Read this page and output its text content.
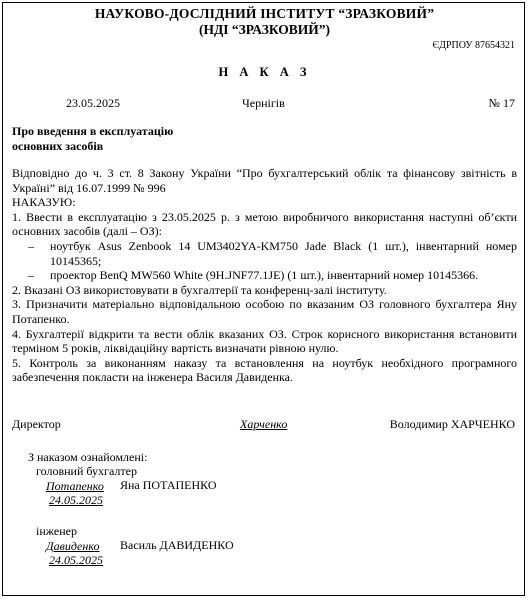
НАУКОВО-ДОСЛІДНИЙ ІНСТИТУТ “ЗРАЗКОВИЙ”
(НДІ “ЗРАЗКОВИЙ”)
ЄДРПОУ 87654321
Н А К А З
23.05.2025	Чернігів	№ 17
Про введення в експлуатацію
основних засобів

Відповідно до ч. 3 ст. 8 Закону України “Про бухгалтерський облік та фінансову звітність в Україні” від 16.07.1999 № 996

НАКАЗУЮ:

1. Ввести в експлуатацію з 23.05.2025 р. з метою виробничого використання наступні об’єкти основних засобів (далі – ОЗ):

– ноутбук Asus Zenbook 14 UM3402YA-KM750 Jade Black (1 шт.), інвентарний номер 10145365;

– проектор BenQ MW560 White (9H.JNF77.1JE) (1 шт.), інвентарний номер 10145366.

2. Вказані ОЗ використовувати в бухгалтерії та конференц-залі інституту.

3. Призначити матеріально відповідальною особою по вказаним ОЗ головного бухгалтера Яну Потапенко.

4. Бухгалтерії відкрити та вести облік вказаних ОЗ. Строк корисного використання встановити терміном 5 років, ліквідаційну вартість визначати рівною нулю.

5. Контроль за виконанням наказу та встановлення на ноутбук необхідного програмного забезпечення покласти на інженера Василя Давиденка.

Директор	Харченко	Володимир ХАРЧЕНКО
З наказом ознайомлені:
головний бухгалтер
Потапенко
24.05.2025
Яна ПОТАПЕНКО
інженер
Давиденко
24.05.2025
Василь ДАВИДЕНКО
